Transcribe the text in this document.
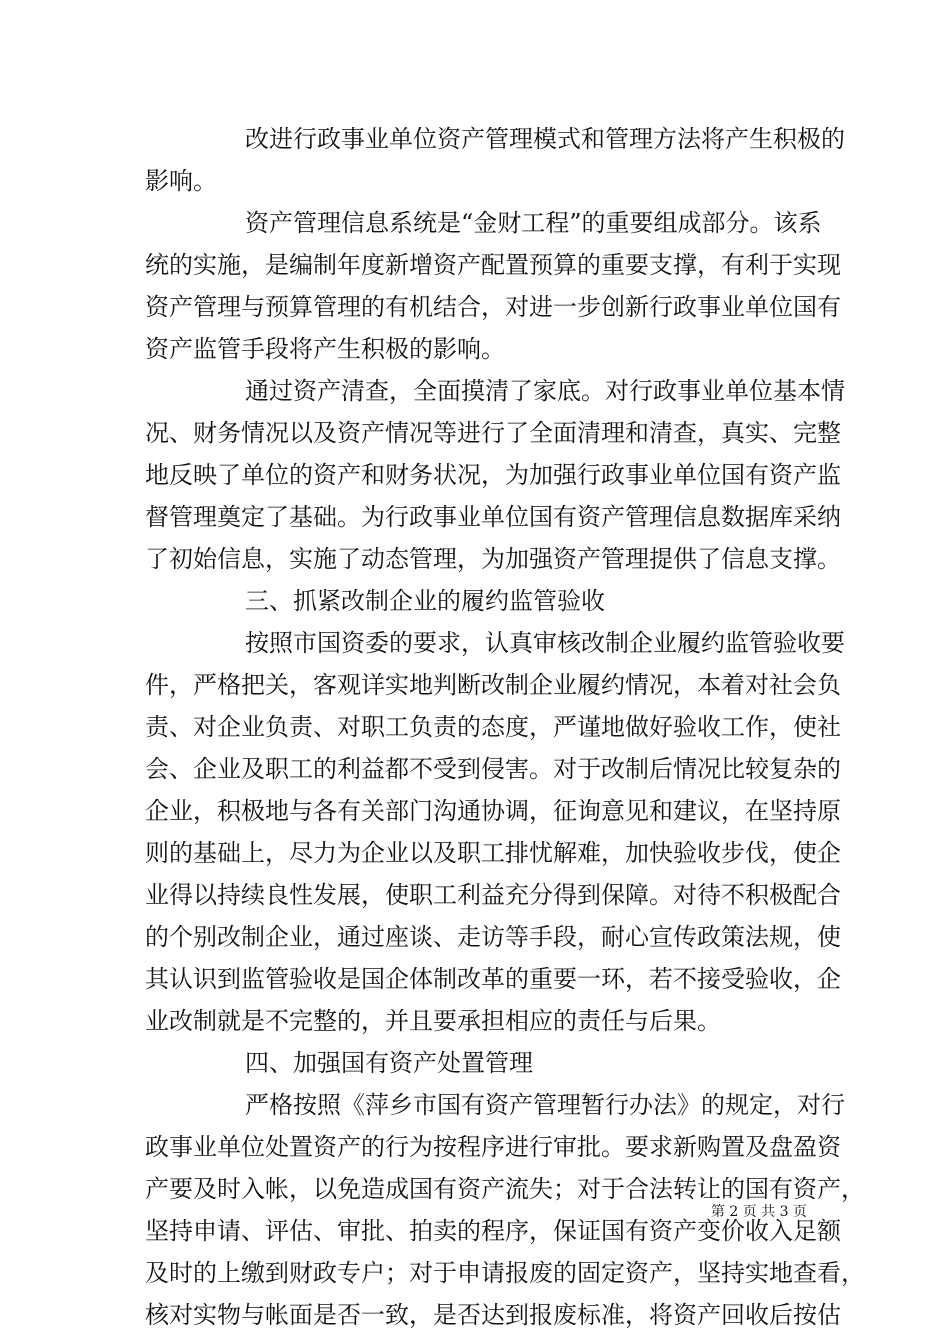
改进行政事业单位资产管理模式和管理方法将产生积极的
影响。
资产管理信息系统是“金财工程”的重要组成部分。该系
统的实施，是编制年度新增资产配置预算的重要支撑，有利于实现
资产管理与预算管理的有机结合，对进一步创新行政事业单位国有
资产监管手段将产生积极的影响。
通过资产清查，全面摸清了家底。对行政事业单位基本情
况、财务情况以及资产情况等进行了全面清理和清查，真实、完整
地反映了单位的资产和财务状况，为加强行政事业单位国有资产监
督管理奠定了基础。为行政事业单位国有资产管理信息数据库采纳
了初始信息，实施了动态管理，为加强资产管理提供了信息支撑。
三、抓紧改制企业的履约监管验收
按照市国资委的要求，认真审核改制企业履约监管验收要
件，严格把关，客观详实地判断改制企业履约情况，本着对社会负
责、对企业负责、对职工负责的态度，严谨地做好验收工作，使社
会、企业及职工的利益都不受到侵害。对于改制后情况比较复杂的
企业，积极地与各有关部门沟通协调，征询意见和建议，在坚持原
则的基础上，尽力为企业以及职工排忧解难，加快验收步伐，使企
业得以持续良性发展，使职工利益充分得到保障。对待不积极配合
的个别改制企业，通过座谈、走访等手段，耐心宣传政策法规，使
其认识到监管验收是国企体制改革的重要一环，若不接受验收，企
业改制就是不完整的，并且要承担相应的责任与后果。
四、加强国有资产处置管理
严格按照《萍乡市国有资产管理暂行办法》的规定，对行
政事业单位处置资产的行为按程序进行审批。要求新购置及盘盈资
产要及时入帐，以免造成国有资产流失；对于合法转让的国有资产，
坚持申请、评估、审批、拍卖的程序，保证国有资产变价收入足额
及时的上缴到财政专户；对于申请报废的固定资产，坚持实地查看，
核对实物与帐面是否一致，是否达到报废标准，将资产回收后按估
第 2 页 共 3 页
